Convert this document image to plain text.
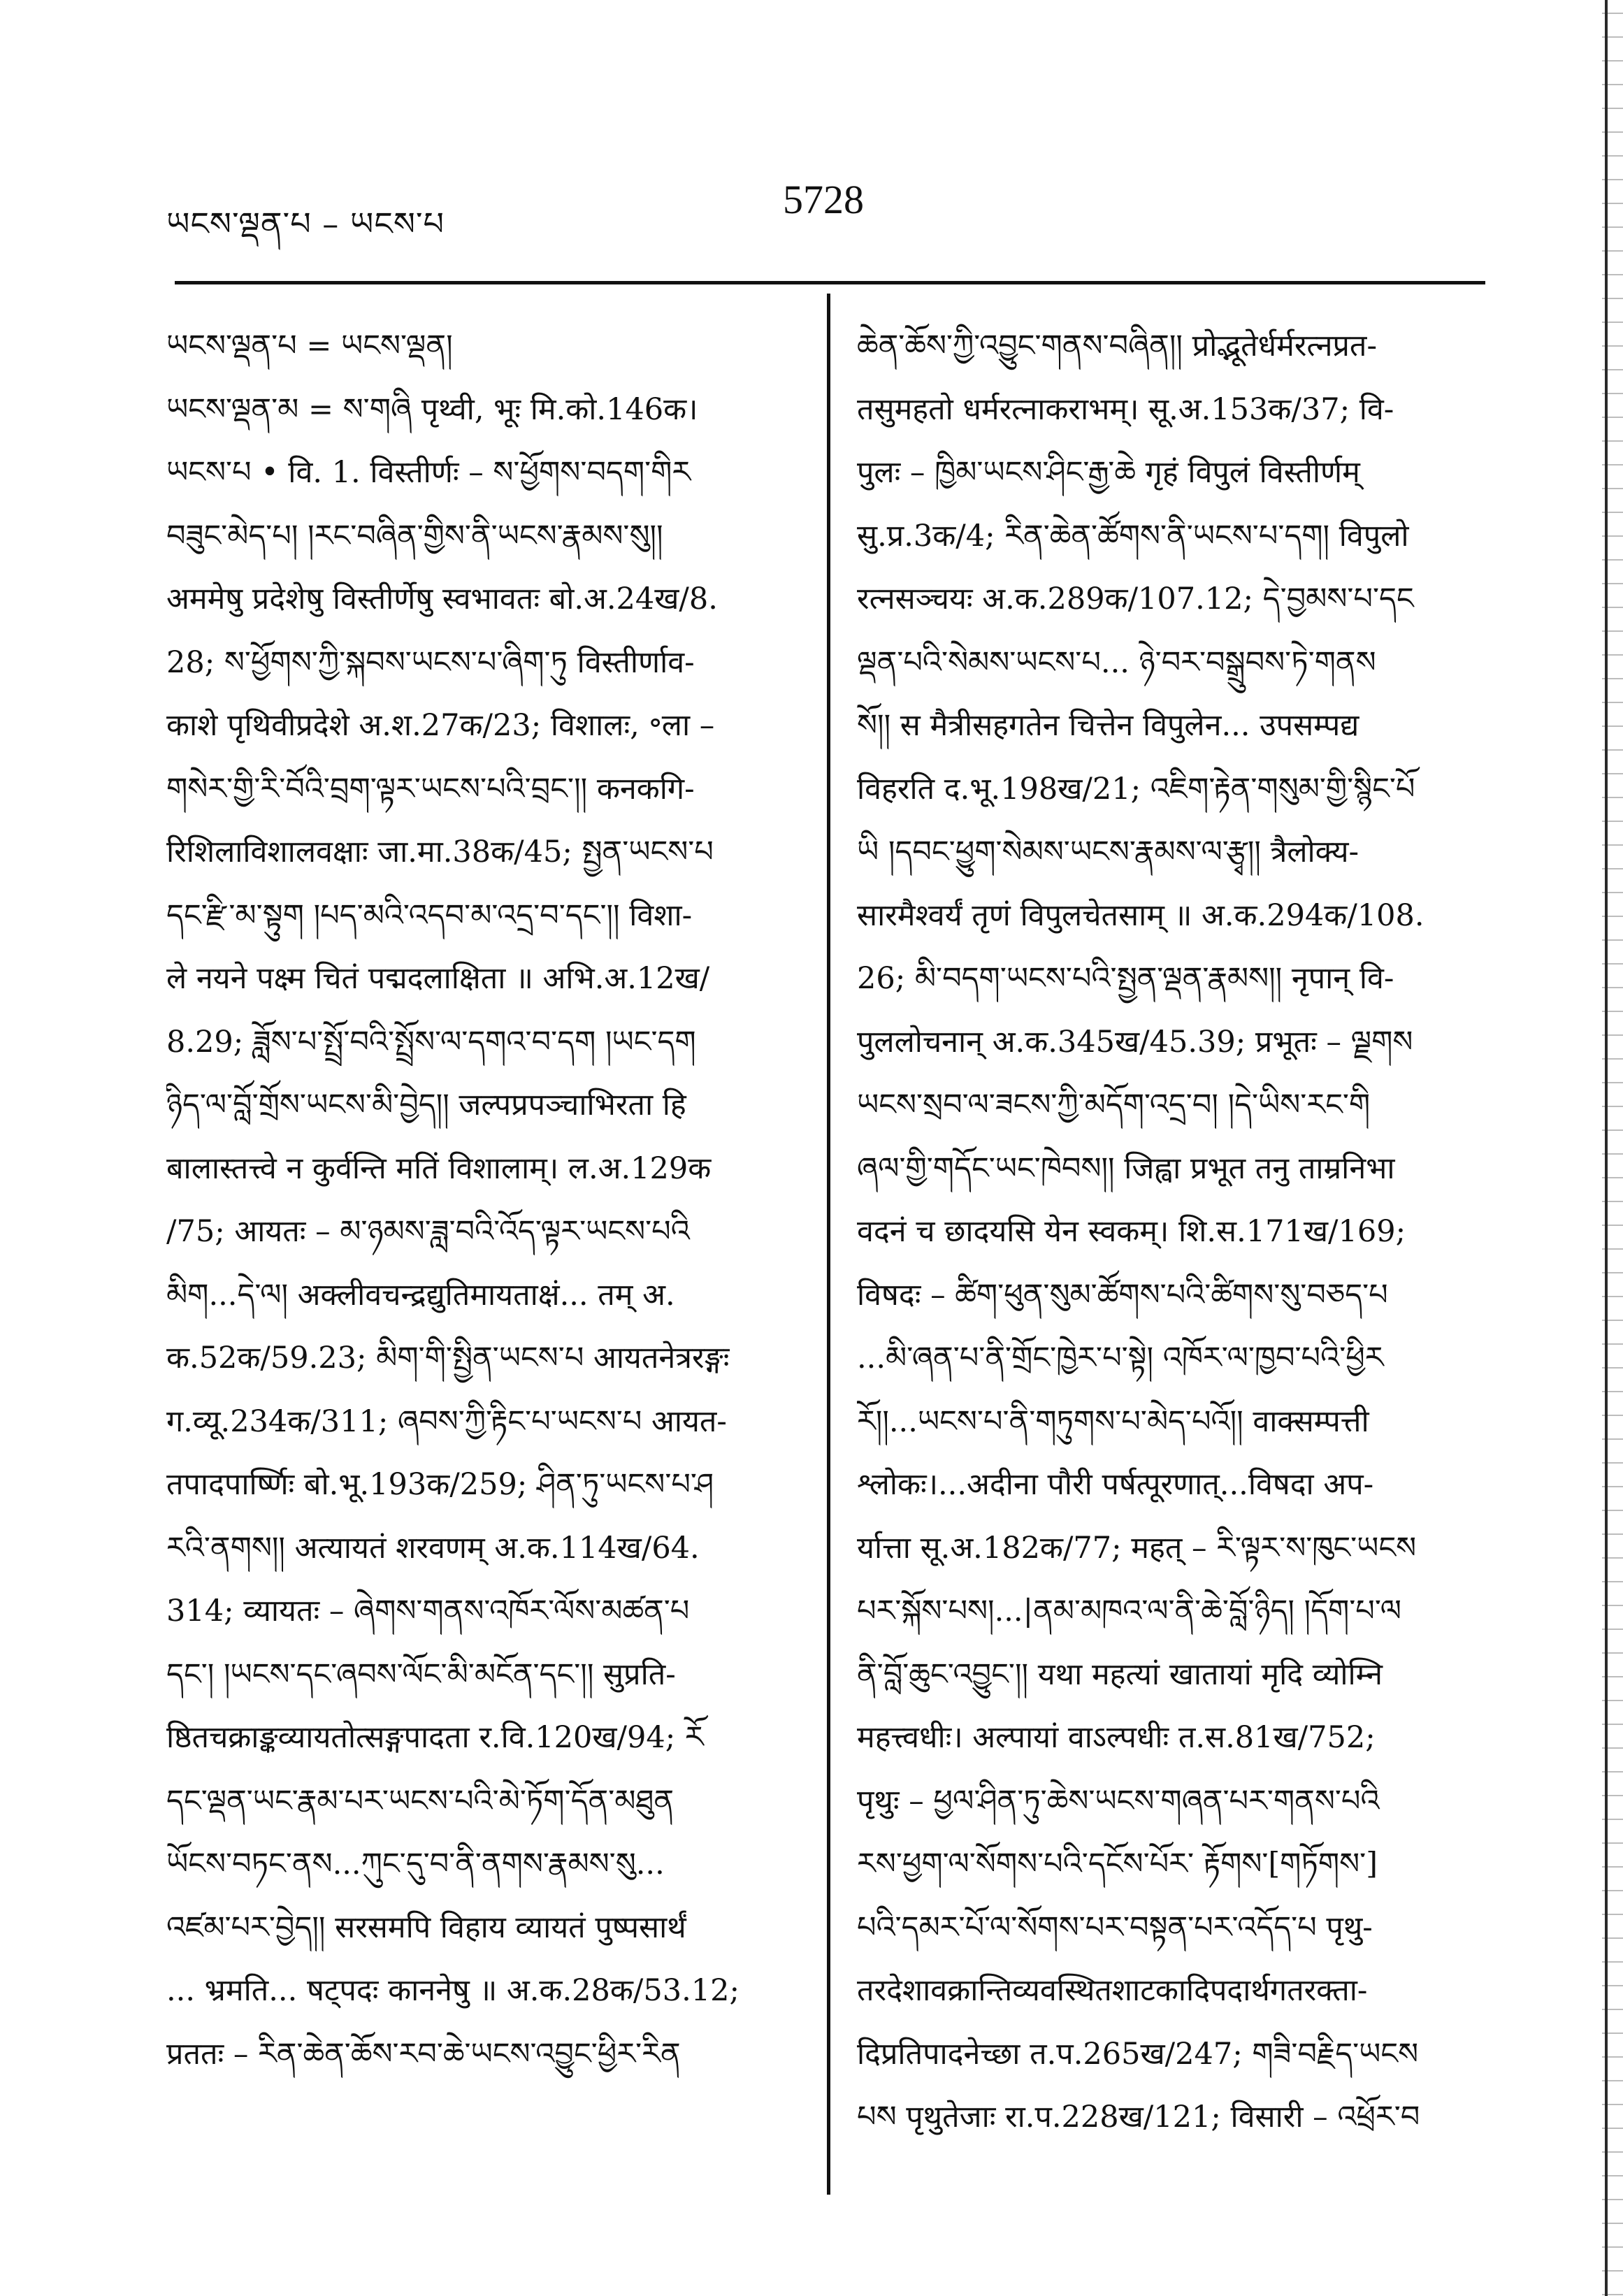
ཡངས་ལྡན་པ – ཡངས་པ
5728
ཡངས་ལྡན་པ = ཡངས་ལྡན།
ཡངས་ལྡན་མ = ས་གཞི पृथ्वी, भूः मि.को.146क।
ཡངས་པ • वि. 1. विस्तीर्णः – ས་ཕྱོགས་བདག་གིར
བཟུང་མེད་པ། །རང་བཞིན་གྱིས་ནི་ཡངས་རྣམས་སུ།།
अममेषु प्रदेशेषु विस्तीर्णेषु स्वभावतः बो.अ.24ख/8.
28; ས་ཕྱོགས་ཀྱི་སྐབས་ཡངས་པ་ཞིག་ཏུ विस्तीर्णाव-
काशे पृथिवीप्रदेशे अ.श.27क/23; विशालः, ॰ला –
གསེར་གྱི་རི་བོའི་བྲག་ལྟར་ཡངས་པའི་བྲང་།། कनकगि-
रिशिलाविशालवक्षाः जा.मा.38क/45; སྤྱན་ཡངས་པ
དང་རྫི་མ་སྟུག །པད་མའི་འདབ་མ་འདྲ་བ་དང་།། विशा-
ले नयने पक्ष्म चितं पद्मदलाक्षिता ॥ अभि.अ.12ख/
8.29; ཟློས་པ་སྤྲོ་བའི་སྤྲོས་ལ་དགའ་བ་དག །ཡང་དག
ཉིད་ལ་བློ་གྲོས་ཡངས་མི་བྱེད།། जल्पप्रपञ्चाभिरता हि
बालास्तत्त्वे न कुर्वन्ति मतिं विशालाम्। ल.अ.129क
/75; आयतः – མ་ཉམས་ཟླ་བའི་འོད་ལྟར་ཡངས་པའི
མིག...དེ་ལ། अक्लीवचन्द्रद्युतिमायताक्षं... तम् अ.
क.52क/59.23; མིག་གི་སྤྱིན་ཡངས་པ आयतनेत्ररङ्गः
ग.व्यू.234क/311; ཞབས་ཀྱི་རྟིང་པ་ཡངས་པ आयत-
तपादपार्ष्णिः बो.भू.193क/259; ཤིན་ཏུ་ཡངས་པ་ཤ
རའི་ནགས།། अत्यायतं शरवणम् अ.क.114ख/64.
314; व्यायतः – ཞེགས་གནས་འཁོར་ལོས་མཚན་པ
དང་། །ཡངས་དང་ཞབས་ལོང་མི་མངོན་དང་།། सुप्रति-
ष्ठितचक्राङ्कव्यायतोत्सङ्गपादता र.वि.120ख/94; རོ
དང་ལྡན་ཡང་རྣམ་པར་ཡངས་པའི་མེ་ཏོག་དོན་མཐུན
ཡོངས་བཏང་ནས...ཀུང་དུ་བ་ནི་ནགས་རྣམས་སུ...
འཛམ་པར་བྱེད།། सरसमपि विहाय व्यायतं पुष्पसार्थं
... भ्रमति... षट्पदः काननेषु ॥ अ.क.28क/53.12;
प्रततः – རིན་ཆེན་ཆོས་རབ་ཆེ་ཡངས་འབྱུང་ཕྱིར་རིན
ཆེན་ཆོས་ཀྱི་འབྱུང་གནས་བཞིན།། प्रोद्भूतेर्धर्मरत्नप्रत-
तसुमहतो धर्मरत्नाकराभम्। सू.अ.153क/37; वि-
पुलः – ཁྱིམ་ཡངས་ཤིང་རྒྱ་ཆེ गृहं विपुलं विस्तीर्णम्
सु.प्र.3क/4; རིན་ཆེན་ཚོགས་ནི་ཡངས་པ་དག། विपुलो
रत्नसञ्चयः अ.क.289क/107.12; དེ་བྱམས་པ་དང
ལྡན་པའི་སེམས་ཡངས་པ... ཉེ་བར་བསྒྲུབས་ཏེ་གནས
སོ།། स मैत्रीसहगतेन चित्तेन विपुलेन... उपसम्पद्य
विहरति द.भू.198ख/21; འཇིག་རྟེན་གསུམ་གྱི་སྙིང་པོ
ཡི །དབང་ཕྱུག་སེམས་ཡངས་རྣམས་ལ་རྩྭ།། त्रैलोक्य-
सारमैश्वर्यं तृणं विपुलचेतसाम् ॥ अ.क.294क/108.
26; མི་བདག་ཡངས་པའི་སྤྱན་ལྡན་རྣམས།། नृपान् वि-
पुललोचनान् अ.क.345ख/45.39; प्रभूतः – ལྗགས
ཡངས་སྲབ་ལ་ཟངས་ཀྱི་མདོག་འདྲ་བ། །དེ་ཡིས་རང་གི
ཞལ་གྱི་གདོང་ཡང་ཁེབས།། जिह्वा प्रभूत तनु ताम्रनिभा
वदनं च छादयसि येन स्वकम्। शि.स.171ख/169;
विषदः – ཚིག་ཕུན་སུམ་ཚོགས་པའི་ཚིགས་སུ་བཅད་པ
...མི་ཞན་པ་ནི་གྲོང་ཁྱེར་པ་སྟེ། འཁོར་ལ་ཁྱབ་པའི་ཕྱིར
རོ།།...ཡངས་པ་ནི་གཏུགས་པ་མེད་པའོ།། वाक्सम्पत्ती
श्लोकः।...अदीना पौरी पर्षत्पूरणात्...विषदा अप-
र्यात्ता सू.अ.182क/77; महत् – རི་ལྟར་ས་ཁུང་ཡངས
པར་སྐོས་པས།...|ནམ་མཁའ་ལ་ནི་ཆེ་བློ་ཉིད། །དོག་པ་ལ
ནི་བློ་ཆུང་འབྱུང་།། यथा महत्यां खातायां मृदि व्योम्नि
महत्त्वधीः। अल्पायां वाऽल्पधीः त.स.81ख/752;
पृथुः – ཕྱལ་ཤིན་ཏུ་ཆེས་ཡངས་གཞན་པར་གནས་པའི
རས་ཕྱག་ལ་སོགས་པའི་དངོས་པོར་ རྟོགས་[གཏོགས་]
པའི་དམར་པོ་ལ་སོགས་པར་བསྟན་པར་འདོད་པ पृथु-
तरदेशावक्रान्तिव्यवस्थितशाटकादिपदार्थगतरक्ता-
दिप्रतिपादनेच्छा त.प.265ख/247; གཟི་བརྗིད་ཡངས
པས पृथुतेजाः रा.प.228ख/121; विसारी – འཕྲོར་བ
